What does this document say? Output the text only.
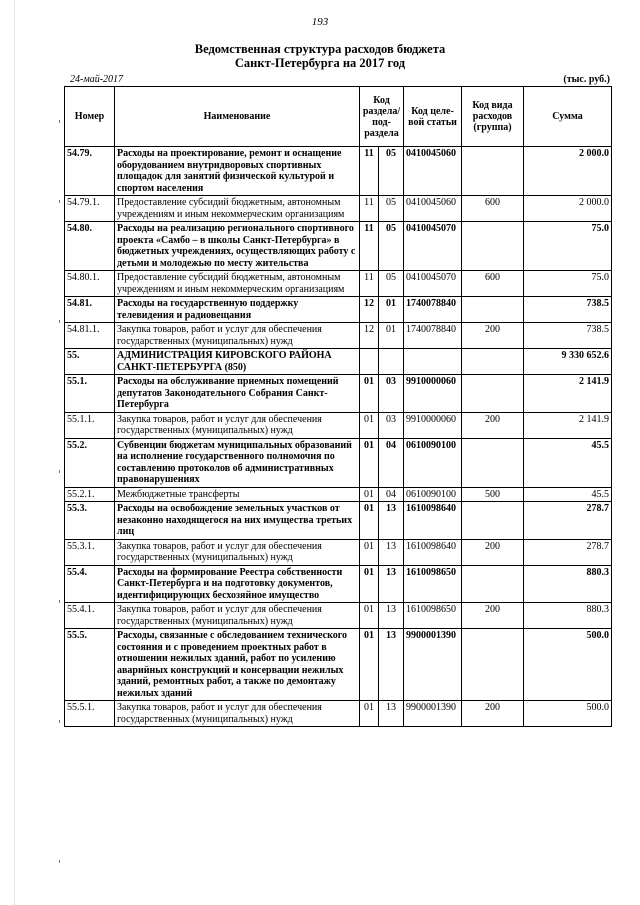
193
Ведомственная структура расходов бюджета
Санкт-Петербурга на 2017 год
24-май-2017	(тыс. руб.)
Номер	Наименование	Код раздела/ под-раздела		Код целе-вой статьи	Код вида расходов (группа)	Сумма
54.79.	Расходы на проектирование, ремонт и оснащение оборудованием внутридворовых спортивных площадок для занятий физической культурой и спортом населения	11	05	0410045060		2 000.0
54.79.1.	Предоставление субсидий бюджетным, автономным учреждениям и иным некоммерческим организациям	11	05	0410045060	600	2 000.0
54.80.	Расходы на реализацию регионального спортивного проекта «Самбо – в школы Санкт-Петербурга» в бюджетных учреждениях, осуществляющих работу с детьми и молодежью по месту жительства	11	05	0410045070		75.0
54.80.1.	Предоставление субсидий бюджетным, автономным учреждениям и иным некоммерческим организациям	11	05	0410045070	600	75.0
54.81.	Расходы на государственную поддержку телевидения и радиовещания	12	01	1740078840		738.5
54.81.1.	Закупка товаров, работ и услуг для обеспечения государственных (муниципальных) нужд	12	01	1740078840	200	738.5
55.	АДМИНИСТРАЦИЯ КИРОВСКОГО РАЙОНА САНКТ-ПЕТЕРБУРГА (850)					9 330 652.6
55.1.	Расходы на обслуживание приемных помещений депутатов Законодательного Собрания Санкт-Петербурга	01	03	9910000060		2 141.9
55.1.1.	Закупка товаров, работ и услуг для обеспечения государственных (муниципальных) нужд	01	03	9910000060	200	2 141.9
55.2.	Субвенции бюджетам муниципальных образований на исполнение государственного полномочия по составлению протоколов об административных правонарушениях	01	04	0610090100		45.5
55.2.1.	Межбюджетные трансферты	01	04	0610090100	500	45.5
55.3.	Расходы на освобождение земельных участков от незаконно находящегося на них имущества третьих лиц	01	13	1610098640		278.7
55.3.1.	Закупка товаров, работ и услуг для обеспечения государственных (муниципальных) нужд	01	13	1610098640	200	278.7
55.4.	Расходы на формирование Реестра собственности Санкт-Петербурга и на подготовку документов, идентифицирующих бесхозяйное имущество	01	13	1610098650		880.3
55.4.1.	Закупка товаров, работ и услуг для обеспечения государственных (муниципальных) нужд	01	13	1610098650	200	880.3
55.5.	Расходы, связанные с обследованием технического состояния и с проведением проектных работ в отношении нежилых зданий, работ по усилению аварийных конструкций и консервации нежилых зданий, ремонтных работ, а также по демонтажу нежилых зданий	01	13	9900001390		500.0
55.5.1.	Закупка товаров, работ и услуг для обеспечения государственных (муниципальных) нужд	01	13	9900001390	200	500.0
